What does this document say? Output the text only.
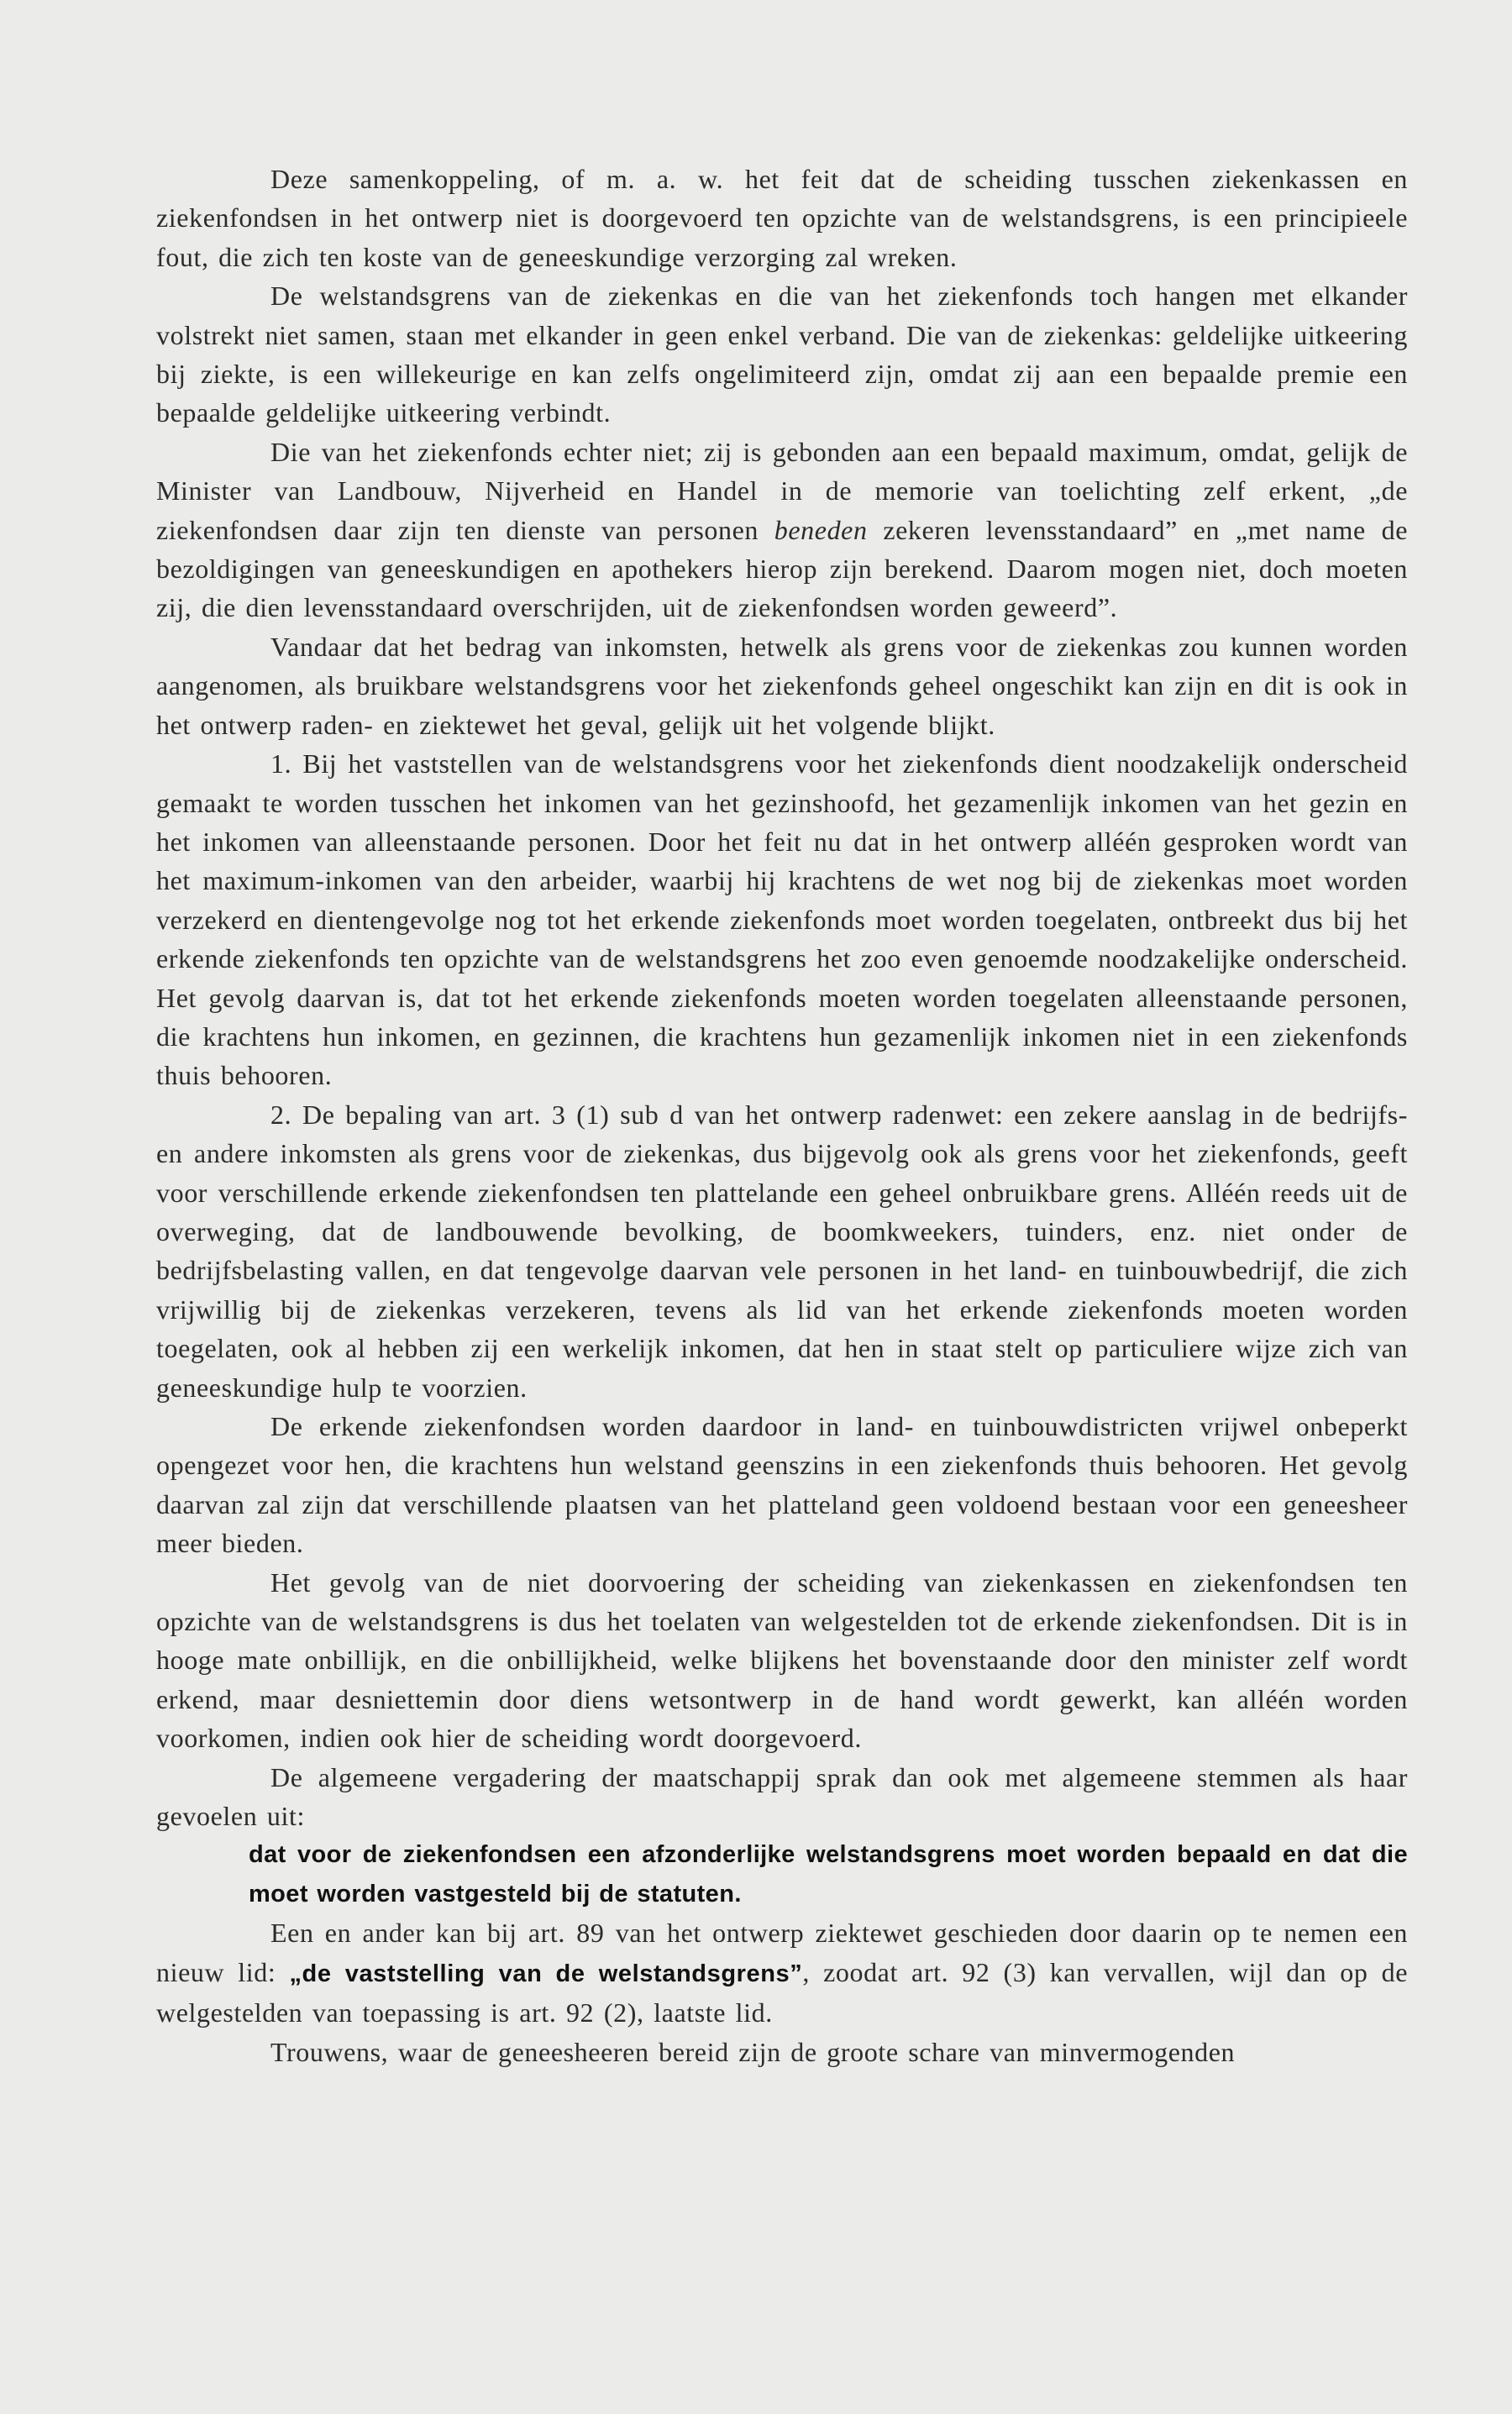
Deze samenkoppeling, of m. a. w. het feit dat de scheiding tusschen ziekenkassen en ziekenfondsen in het ontwerp niet is doorgevoerd ten opzichte van de welstandsgrens, is een principieele fout, die zich ten koste van de geneeskundige verzorging zal wreken.

De welstandsgrens van de ziekenkas en die van het ziekenfonds toch hangen met elkander volstrekt niet samen, staan met elkander in geen enkel verband. Die van de ziekenkas: geldelijke uitkeering bij ziekte, is een willekeurige en kan zelfs ongelimiteerd zijn, omdat zij aan een bepaalde premie een bepaalde geldelijke uitkeering verbindt.

Die van het ziekenfonds echter niet; zij is gebonden aan een bepaald maximum, omdat, gelijk de Minister van Landbouw, Nijverheid en Handel in de memorie van toelichting zelf erkent, „de ziekenfondsen daar zijn ten dienste van personen beneden zekeren levensstandaard” en „met name de bezoldigingen van geneeskundigen en apothekers hierop zijn berekend. Daarom mogen niet, doch moeten zij, die dien levensstandaard overschrijden, uit de ziekenfondsen worden geweerd”.

Vandaar dat het bedrag van inkomsten, hetwelk als grens voor de ziekenkas zou kunnen worden aangenomen, als bruikbare welstandsgrens voor het ziekenfonds geheel ongeschikt kan zijn en dit is ook in het ontwerp raden- en ziektewet het geval, gelijk uit het volgende blijkt.

1. Bij het vaststellen van de welstandsgrens voor het ziekenfonds dient noodzakelijk onderscheid gemaakt te worden tusschen het inkomen van het gezinshoofd, het gezamenlijk inkomen van het gezin en het inkomen van alleenstaande personen. Door het feit nu dat in het ontwerp alléén gesproken wordt van het maximum-inkomen van den arbeider, waarbij hij krachtens de wet nog bij de ziekenkas moet worden verzekerd en dientengevolge nog tot het erkende ziekenfonds moet worden toegelaten, ontbreekt dus bij het erkende ziekenfonds ten opzichte van de welstandsgrens het zoo even genoemde noodzakelijke onderscheid. Het gevolg daarvan is, dat tot het erkende ziekenfonds moeten worden toegelaten alleenstaande personen, die krachtens hun inkomen, en gezinnen, die krachtens hun gezamenlijk inkomen niet in een ziekenfonds thuis behooren.

2. De bepaling van art. 3 (1) sub d van het ontwerp radenwet: een zekere aanslag in de bedrijfs- en andere inkomsten als grens voor de ziekenkas, dus bijgevolg ook als grens voor het ziekenfonds, geeft voor verschillende erkende ziekenfondsen ten plattelande een geheel onbruikbare grens. Alléén reeds uit de overweging, dat de landbouwende bevolking, de boomkweekers, tuinders, enz. niet onder de bedrijfsbelasting vallen, en dat tengevolge daarvan vele personen in het land- en tuinbouwbedrijf, die zich vrijwillig bij de ziekenkas verzekeren, tevens als lid van het erkende ziekenfonds moeten worden toegelaten, ook al hebben zij een werkelijk inkomen, dat hen in staat stelt op particuliere wijze zich van geneeskundige hulp te voorzien.

De erkende ziekenfondsen worden daardoor in land- en tuinbouwdistricten vrijwel onbeperkt opengezet voor hen, die krachtens hun welstand geenszins in een ziekenfonds thuis behooren. Het gevolg daarvan zal zijn dat verschillende plaatsen van het platteland geen voldoend bestaan voor een geneesheer meer bieden.

Het gevolg van de niet doorvoering der scheiding van ziekenkassen en ziekenfondsen ten opzichte van de welstandsgrens is dus het toelaten van welgestelden tot de erkende ziekenfondsen. Dit is in hooge mate onbillijk, en die onbillijkheid, welke blijkens het bovenstaande door den minister zelf wordt erkend, maar desniettemin door diens wetsontwerp in de hand wordt gewerkt, kan alléén worden voorkomen, indien ook hier de scheiding wordt doorgevoerd.

De algemeene vergadering der maatschappij sprak dan ook met algemeene stemmen als haar gevoelen uit:

dat voor de ziekenfondsen een afzonderlijke welstandsgrens moet worden bepaald en dat die moet worden vastgesteld bij de statuten.

Een en ander kan bij art. 89 van het ontwerp ziektewet geschieden door daarin op te nemen een nieuw lid: „de vaststelling van de welstandsgrens”, zoodat art. 92 (3) kan vervallen, wijl dan op de welgestelden van toepassing is art. 92 (2), laatste lid.

Trouwens, waar de geneesheeren bereid zijn de groote schare van minvermogenden
